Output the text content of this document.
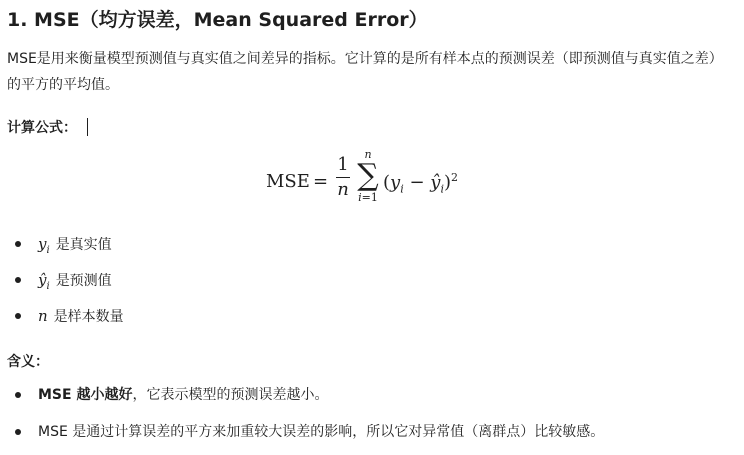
1. MSE（均方误差，Mean Squared Error）
MSE是用来衡量模型预测值与真实值之间差异的指标。它计算的是所有样本点的预测误差（即预测值与真实值之差）的平方的平均值。
计算公式：
MSE =
1
n
n
∑
i=1
($y_i$ − $ŷ_i)^2$
$y_i$ 是真实值
$ŷ_i$ 是预测值
n 是样本数量
含义：
MSE 越小越好，它表示模型的预测误差越小。
MSE 是通过计算误差的平方来加重较大误差的影响，所以它对异常值（离群点）比较敏感。
